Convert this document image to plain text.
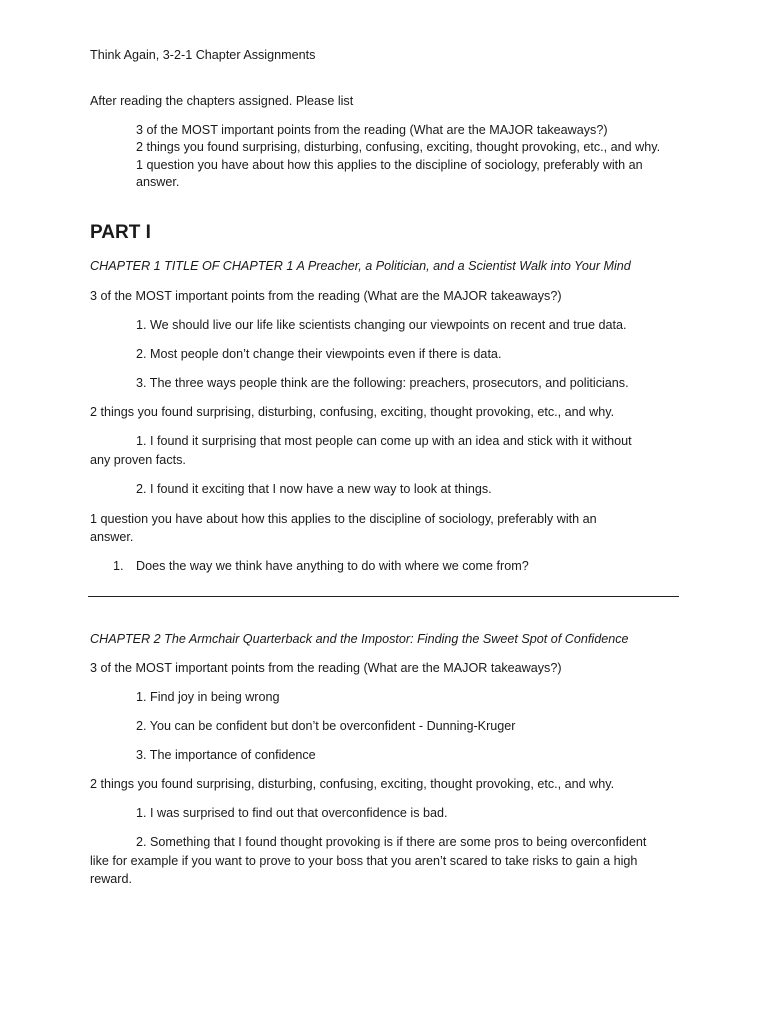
Think Again, 3-2-1 Chapter Assignments
After reading the chapters assigned. Please list
3 of the MOST important points from the reading (What are the MAJOR takeaways?)
2 things you found surprising, disturbing, confusing, exciting, thought provoking, etc., and why.
1 question you have about how this applies to the discipline of sociology, preferably with an
answer.
PART I
CHAPTER 1 TITLE OF CHAPTER 1 A Preacher, a Politician, and a Scientist Walk into Your Mind
3 of the MOST important points from the reading (What are the MAJOR takeaways?)
1. We should live our life like scientists changing our viewpoints on recent and true data.
2. Most people don’t change their viewpoints even if there is data.
3. The three ways people think are the following: preachers, prosecutors, and politicians.
2 things you found surprising, disturbing, confusing, exciting, thought provoking, etc., and why.
1. I found it surprising that most people can come up with an idea and stick with it without
any proven facts.
2. I found it exciting that I now have a new way to look at things.
1 question you have about how this applies to the discipline of sociology, preferably with an
answer.
1. Does the way we think have anything to do with where we come from?
CHAPTER 2 The Armchair Quarterback and the Impostor: Finding the Sweet Spot of Confidence
3 of the MOST important points from the reading (What are the MAJOR takeaways?)
1. Find joy in being wrong
2. You can be confident but don’t be overconfident - Dunning-Kruger
3. The importance of confidence
2 things you found surprising, disturbing, confusing, exciting, thought provoking, etc., and why.
1. I was surprised to find out that overconfidence is bad.
2. Something that I found thought provoking is if there are some pros to being overconfident
like for example if you want to prove to your boss that you aren’t scared to take risks to gain a high
reward.
